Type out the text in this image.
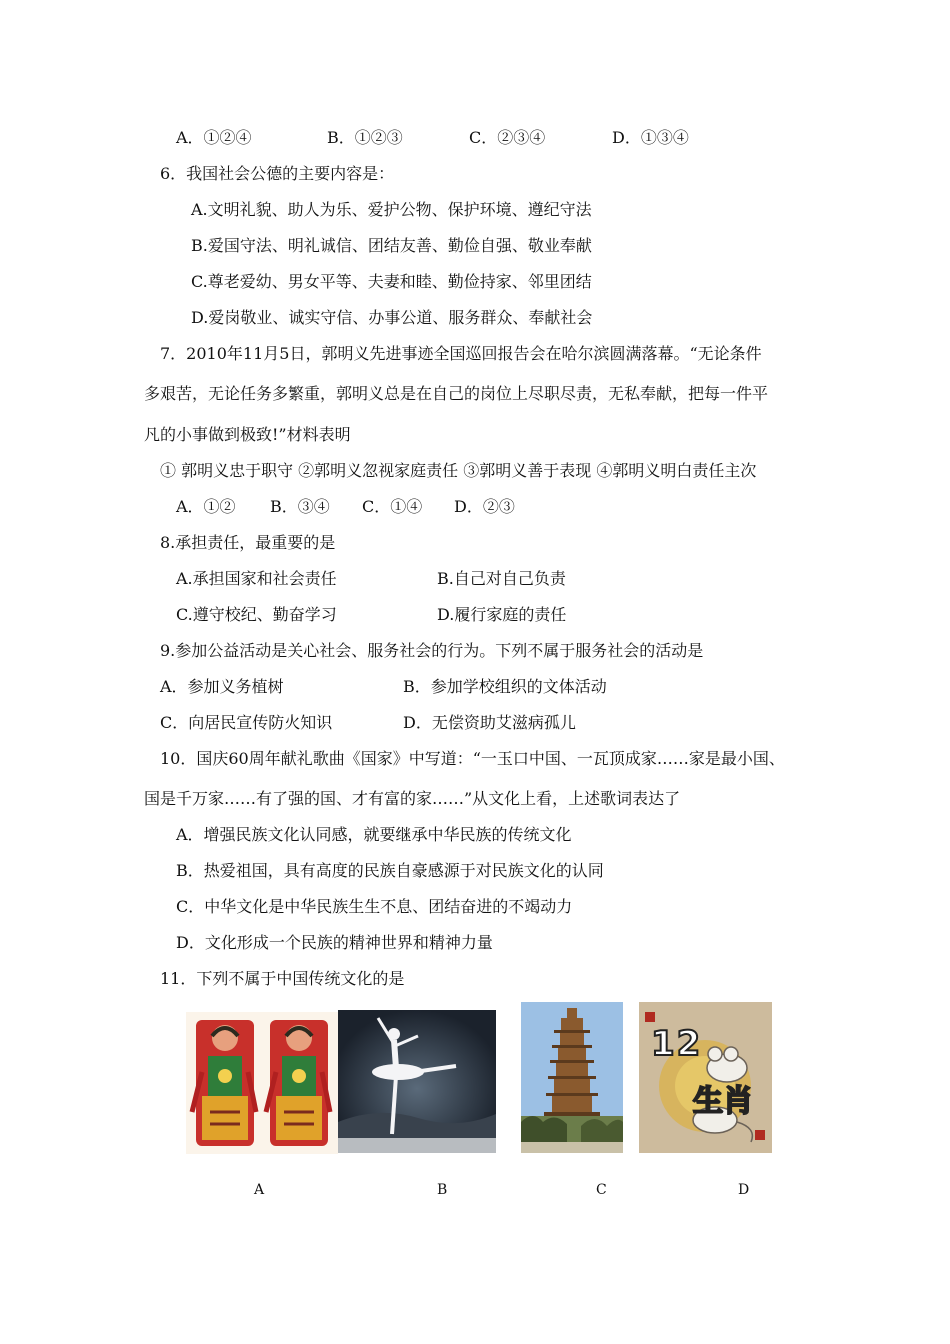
A．①②④	B．①②③	C．②③④	D．①③④
6．我国社会公德的主要内容是：
A.文明礼貌、助人为乐、爱护公物、保护环境、遵纪守法
B.爱国守法、明礼诚信、团结友善、勤俭自强、敬业奉献
C.尊老爱幼、男女平等、夫妻和睦、勤俭持家、邻里团结
D.爱岗敬业、诚实守信、办事公道、服务群众、奉献社会
7．2010年11月5日，郭明义先进事迹全国巡回报告会在哈尔滨圆满落幕。“无论条件
多艰苦，无论任务多繁重，郭明义总是在自己的岗位上尽职尽责，无私奉献，把每一件平
凡的小事做到极致!”材料表明
① 郭明义忠于职守 ②郭明义忽视家庭责任 ③郭明义善于表现 ④郭明义明白责任主次
A．①② B．③④ C．①④ D．②③
8.承担责任，最重要的是
A.承担国家和社会责任	B.自己对自己负责
C.遵守校纪、勤奋学习	D.履行家庭的责任
9.参加公益活动是关心社会、服务社会的行为。下列不属于服务社会的活动是
A．参加义务植树	B．参加学校组织的文体活动
C．向居民宣传防火知识	D．无偿资助艾滋病孤儿
10．国庆60周年献礼歌曲《国家》中写道：“一玉口中国、一瓦顶成家……家是最小国、
国是千万家……有了强的国、才有富的家……”从文化上看，上述歌词表达了
A．增强民族文化认同感，就要继承中华民族的传统文化
B．热爱祖国，具有高度的民族自豪感源于对民族文化的认同
C．中华文化是中华民族生生不息、团结奋进的不竭动力
D．文化形成一个民族的精神世界和精神力量
11．下列不属于中国传统文化的是
12
生肖
A	B	C	D
